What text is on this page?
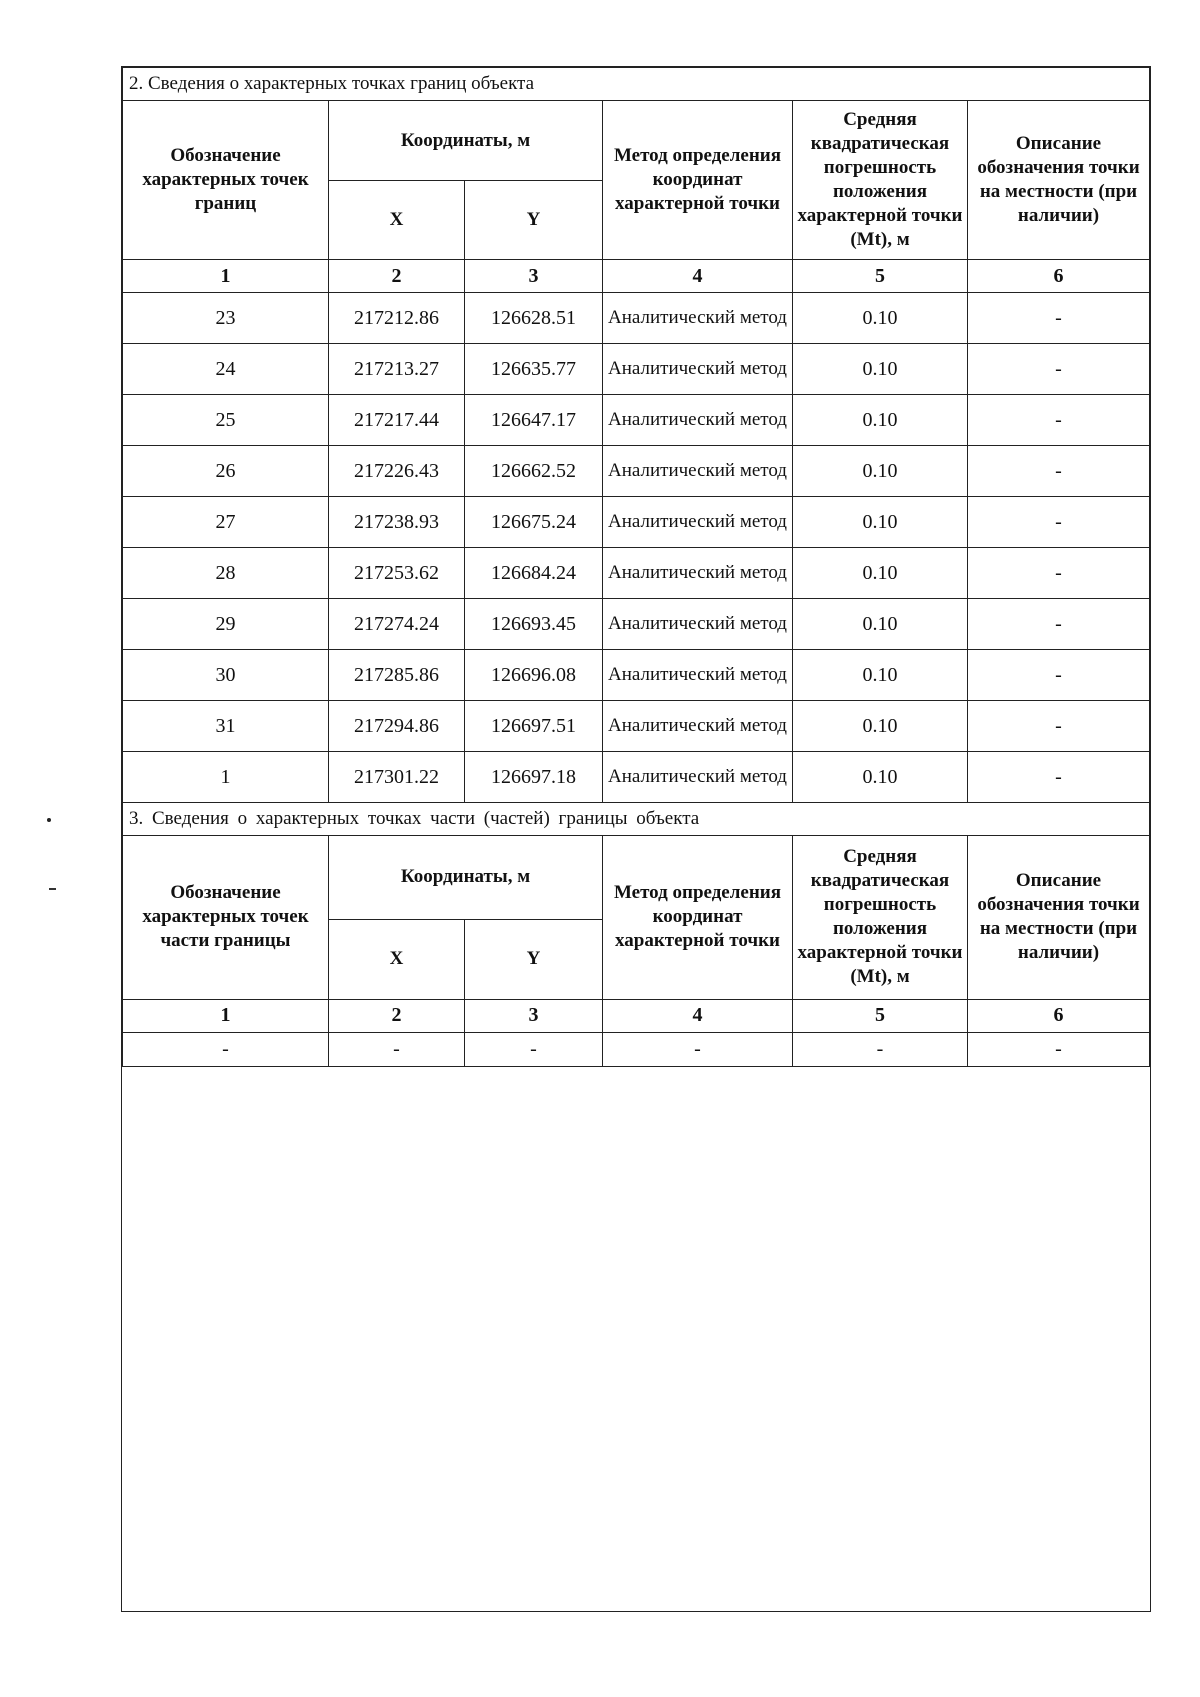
2. Сведения о характерных точках границ объекта					
Обозначение характерных точек границ	Координаты, м		Метод определения координат характерной точки	Средняя квадратическая погрешность положения характерной точки (Mt), м	Описание обозначения точки на местности (при наличии)
	X	Y			
1	2	3	4	5	6
23	217212.86	126628.51	Аналитический метод	0.10	-
24	217213.27	126635.77	Аналитический метод	0.10	-
25	217217.44	126647.17	Аналитический метод	0.10	-
26	217226.43	126662.52	Аналитический метод	0.10	-
27	217238.93	126675.24	Аналитический метод	0.10	-
28	217253.62	126684.24	Аналитический метод	0.10	-
29	217274.24	126693.45	Аналитический метод	0.10	-
30	217285.86	126696.08	Аналитический метод	0.10	-
31	217294.86	126697.51	Аналитический метод	0.10	-
1	217301.22	126697.18	Аналитический метод	0.10	-
3. Сведения о характерных точках части (частей) границы объекта					
Обозначение характерных точек части границы	Координаты, м		Метод определения координат характерной точки	Средняя квадратическая погрешность положения характерной точки (Mt), м	Описание обозначения точки на местности (при наличии)
	X	Y			
1	2	3	4	5	6
-	-	-	-	-	-
